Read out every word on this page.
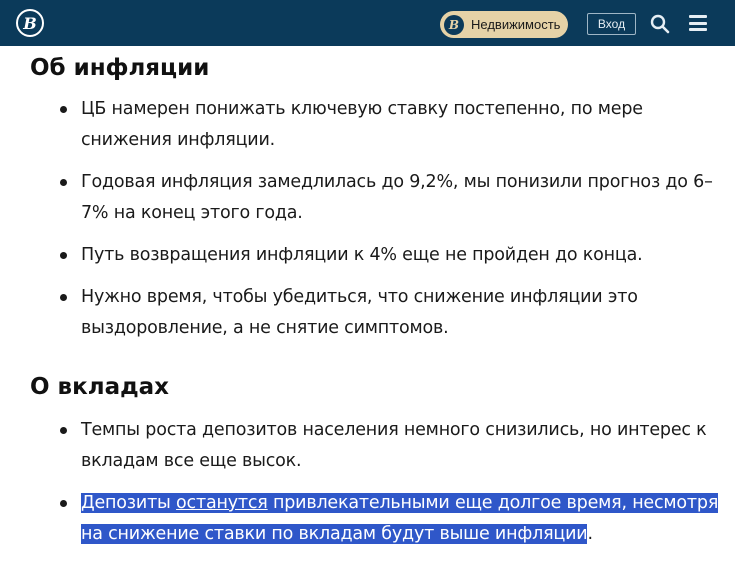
B	B Недвижимость	Вход
Об инфляции
ЦБ намерен понижать ключевую ставку постепенно, по мере снижения инфляции.
Годовая инфляция замедлилась до 9,2%, мы понизили прогноз до 6–7% на конец этого года.
Путь возвращения инфляции к 4% еще не пройден до конца.
Нужно время, чтобы убедиться, что снижение инфляции это выздоровление, а не снятие симптомов.
О вкладах
Темпы роста депозитов населения немного снизились, но интерес к вкладам все еще высок.
Депозиты останутся привлекательными еще долгое время, несмотря на снижение ставки по вкладам будут выше инфляции.
